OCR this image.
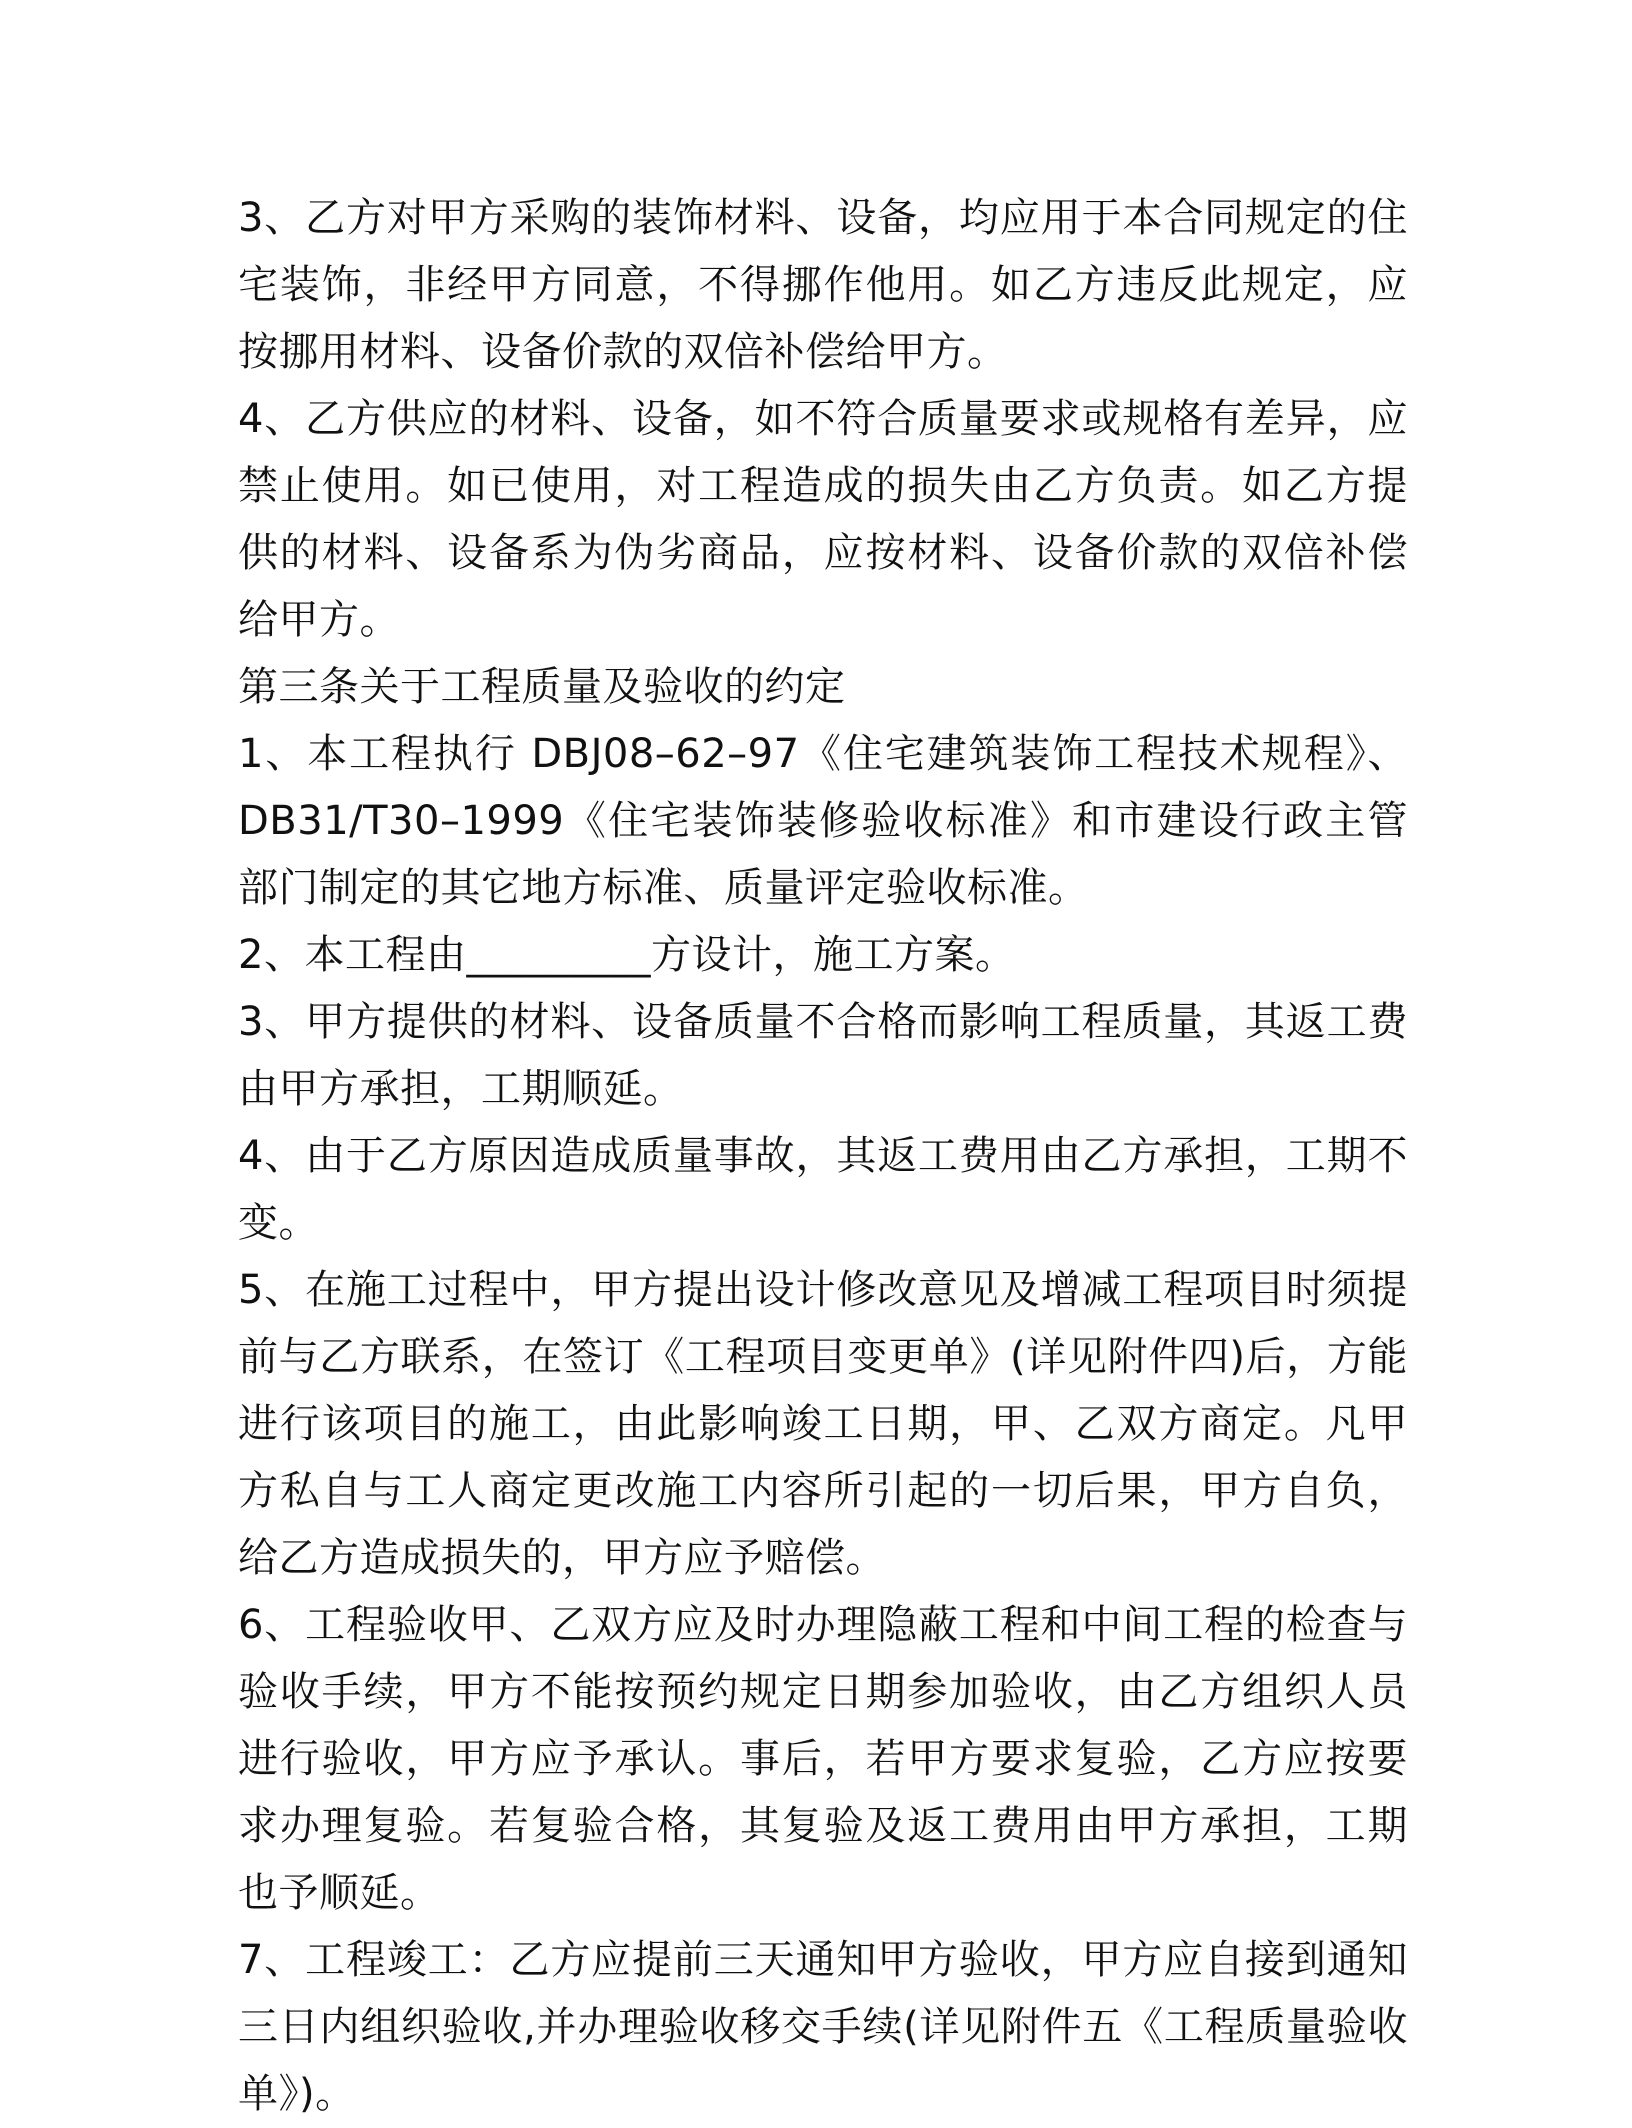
3、乙方对甲方采购的装饰材料、设备，均应用于本合同规定的住宅装饰，非经甲方同意，不得挪作他用。如乙方违反此规定，应按挪用材料、设备价款的双倍补偿给甲方。

4、乙方供应的材料、设备，如不符合质量要求或规格有差异，应禁止使用。如已使用，对工程造成的损失由乙方负责。如乙方提供的材料、设备系为伪劣商品，应按材料、设备价款的双倍补偿给甲方。

第三条关于工程质量及验收的约定

1、本工程执行 DBJ08–62–97《住宅建筑装饰工程技术规程》、DB31/T30–1999《住宅装饰装修验收标准》和市建设行政主管部门制定的其它地方标准、质量评定验收标准。

2、本工程由_________方设计，施工方案。

3、甲方提供的材料、设备质量不合格而影响工程质量，其返工费由甲方承担，工期顺延。

4、由于乙方原因造成质量事故，其返工费用由乙方承担，工期不变。

5、在施工过程中，甲方提出设计修改意见及增减工程项目时须提前与乙方联系，在签订《工程项目变更单》(详见附件四)后，方能进行该项目的施工，由此影响竣工日期，甲、乙双方商定。凡甲方私自与工人商定更改施工内容所引起的一切后果，甲方自负，给乙方造成损失的，甲方应予赔偿。

6、工程验收甲、乙双方应及时办理隐蔽工程和中间工程的检查与验收手续，甲方不能按预约规定日期参加验收，由乙方组织人员进行验收，甲方应予承认。事后，若甲方要求复验，乙方应按要求办理复验。若复验合格，其复验及返工费用由甲方承担，工期也予顺延。

7、工程竣工：乙方应提前三天通知甲方验收，甲方应自接到通知三日内组织验收,并办理验收移交手续(详见附件五《工程质量验收单》)。
